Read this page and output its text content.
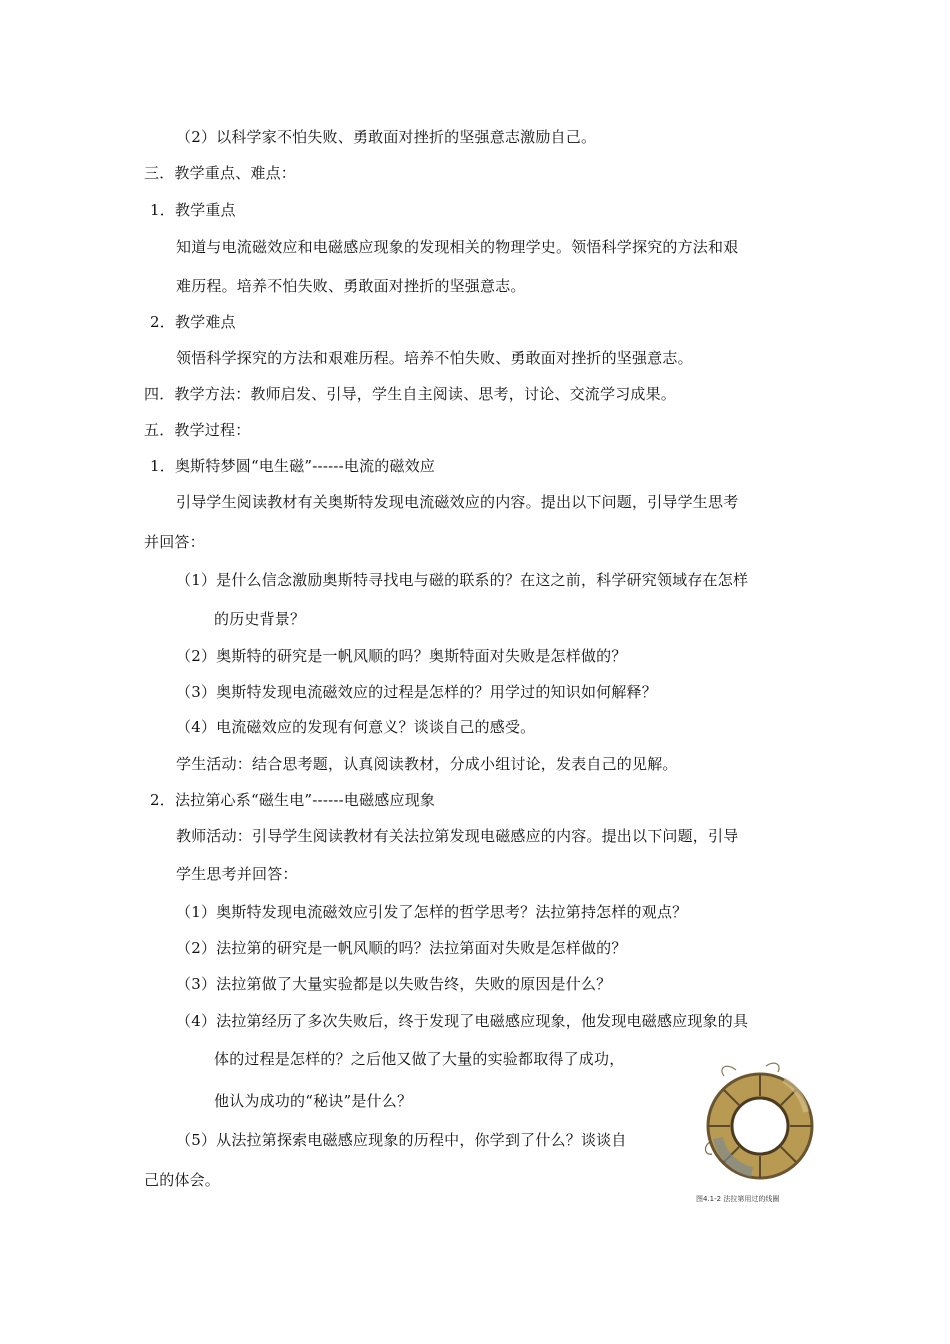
（2）以科学家不怕失败、勇敢面对挫折的坚强意志激励自己。
三．教学重点、难点：
1．教学重点
知道与电流磁效应和电磁感应现象的发现相关的物理学史。领悟科学探究的方法和艰
难历程。培养不怕失败、勇敢面对挫折的坚强意志。
2．教学难点
领悟科学探究的方法和艰难历程。培养不怕失败、勇敢面对挫折的坚强意志。
四．教学方法：教师启发、引导，学生自主阅读、思考，讨论、交流学习成果。
五．教学过程：
1．奥斯特梦圆“电生磁”------电流的磁效应
引导学生阅读教材有关奥斯特发现电流磁效应的内容。提出以下问题，引导学生思考
并回答：
（1）是什么信念激励奥斯特寻找电与磁的联系的？在这之前，科学研究领域存在怎样
的历史背景？
（2）奥斯特的研究是一帆风顺的吗？奥斯特面对失败是怎样做的？
（3）奥斯特发现电流磁效应的过程是怎样的？用学过的知识如何解释？
（4）电流磁效应的发现有何意义？谈谈自己的感受。
学生活动：结合思考题，认真阅读教材，分成小组讨论，发表自己的见解。
2．法拉第心系“磁生电”------电磁感应现象
教师活动：引导学生阅读教材有关法拉第发现电磁感应的内容。提出以下问题，引导
学生思考并回答：
（1）奥斯特发现电流磁效应引发了怎样的哲学思考？法拉第持怎样的观点？
（2）法拉第的研究是一帆风顺的吗？法拉第面对失败是怎样做的？
（3）法拉第做了大量实验都是以失败告终，失败的原因是什么？
（4）法拉第经历了多次失败后，终于发现了电磁感应现象，他发现电磁感应现象的具
体的过程是怎样的？之后他又做了大量的实验都取得了成功，
他认为成功的“秘诀”是什么？
（5）从法拉第探索电磁感应现象的历程中，你学到了什么？谈谈自
己的体会。
图4.1-2 法拉第用过的线圈
